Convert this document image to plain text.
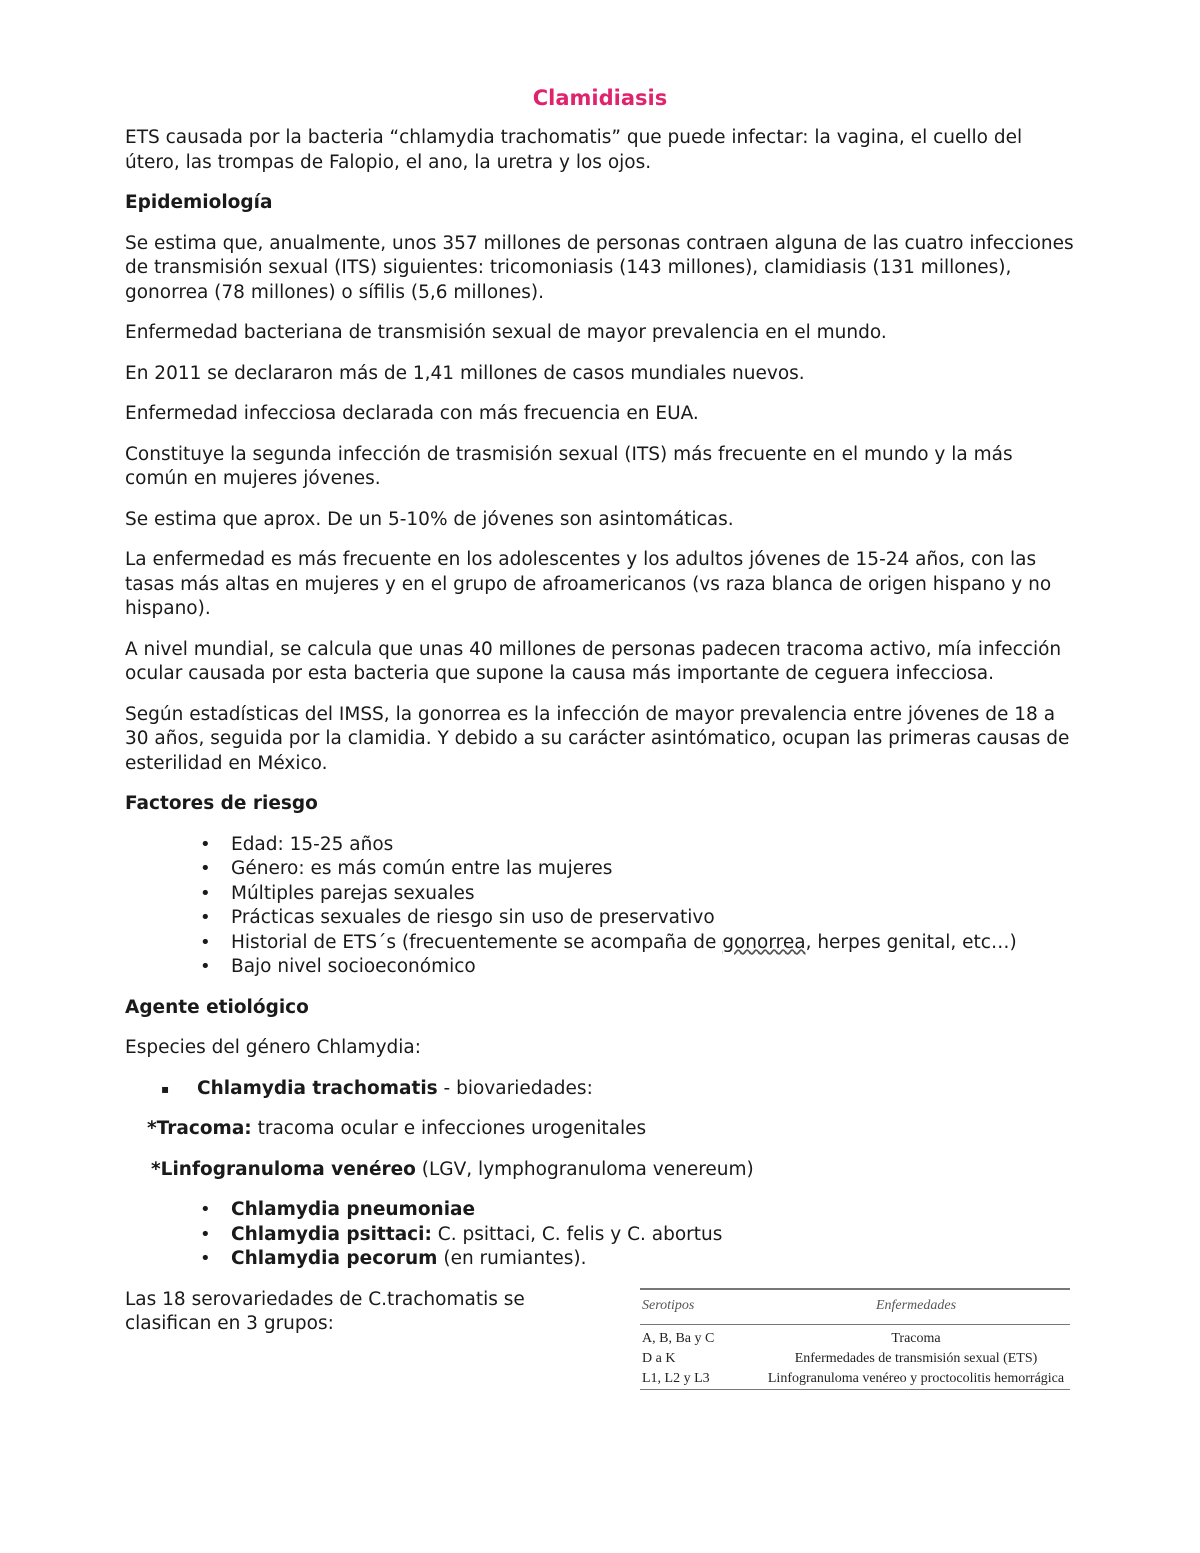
Clamidiasis

ETS causada por la bacteria “chlamydia trachomatis” que puede infectar: la vagina, el cuello del útero, las trompas de Falopio, el ano, la uretra y los ojos.

Epidemiología

Se estima que, anualmente, unos 357 millones de personas contraen alguna de las cuatro infecciones de transmisión sexual (ITS) siguientes: tricomoniasis (143 millones), clamidiasis (131 millones), gonorrea (78 millones) o sífilis (5,6 millones).

Enfermedad bacteriana de transmisión sexual de mayor prevalencia en el mundo.

En 2011 se declararon más de 1,41 millones de casos mundiales nuevos.

Enfermedad infecciosa declarada con más frecuencia en EUA.

Constituye la segunda infección de trasmisión sexual (ITS) más frecuente en el mundo y la más común en mujeres jóvenes.

Se estima que aprox. De un 5-10% de jóvenes son asintomáticas.

La enfermedad es más frecuente en los adolescentes y los adultos jóvenes de 15-24 años, con las tasas más altas en mujeres y en el grupo de afroamericanos (vs raza blanca de origen hispano y no hispano).

A nivel mundial, se calcula que unas 40 millones de personas padecen tracoma activo, mía infección ocular causada por esta bacteria que supone la causa más importante de ceguera infecciosa.

Según estadísticas del IMSS, la gonorrea es la infección de mayor prevalencia entre jóvenes de 18 a 30 años, seguida por la clamidia. Y debido a su carácter asintómatico, ocupan las primeras causas de esterilidad en México.

Factores de riesgo
• Edad: 15-25 años
• Género: es más común entre las mujeres
• Múltiples parejas sexuales
• Prácticas sexuales de riesgo sin uso de preservativo
• Historial de ETS´s (frecuentemente se acompaña de gonorrea, herpes genital, etc…)
• Bajo nivel socioeconómico
Agente etiológico

Especies del género Chlamydia:

▪ Chlamydia trachomatis - biovariedades:
*Tracoma: tracoma ocular e infecciones urogenitales
*Linfogranuloma venéreo (LGV, lymphogranuloma venereum)
• Chlamydia pneumoniae
• Chlamydia psittaci: C. psittaci, C. felis y C. abortus
• Chlamydia pecorum (en rumiantes).
Las 18 serovariedades de C.trachomatis se clasifican en 3 grupos:
Serotipos	Enfermedades
A, B, Ba y C	Tracoma
D a K	Enfermedades de transmisión sexual (ETS)
L1, L2 y L3	Linfogranuloma venéreo y proctocolitis hemorrágica
